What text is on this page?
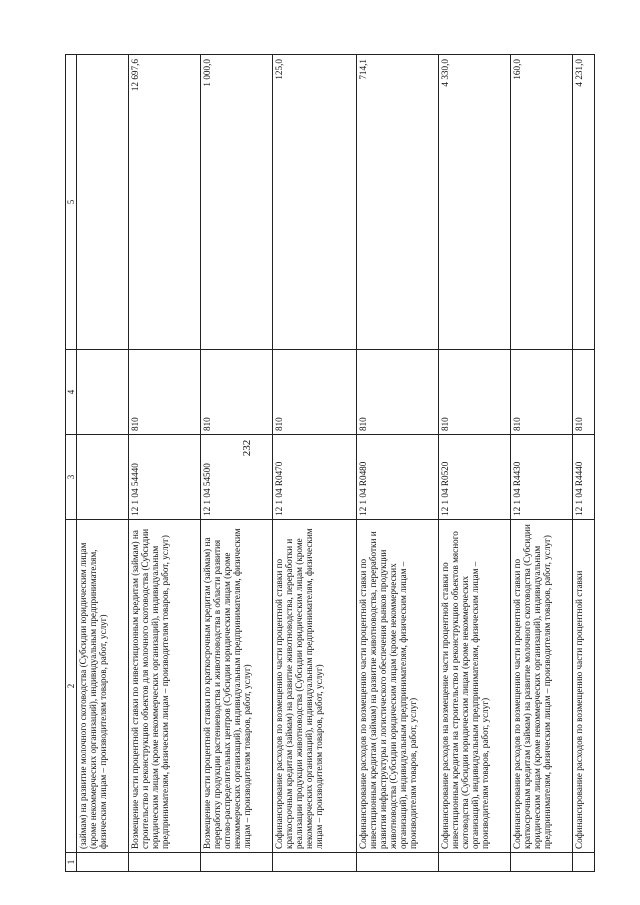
232
1	2	3	4	5
	(займам) на развитие молочного скотоводства (Субсидии юридическим лицам (кроме некоммерческих организаций), индивидуальным предпринимателям, физическим лицам – производителям товаров, работ, услуг)			
	Возмещение части процентной ставки по инвестиционным кредитам (займам) на строительство и реконструкцию объектов для молочного скотоводства (Субсидии юридическим лицам (кроме некоммерческих организаций), индивидуальным предпринимателям, физическим лицам – производителям товаров, работ, услуг)	12 1 04 54440	810	12 697,6
	Возмещение части процентной ставки по краткосрочным кредитам (займам) на переработку продукции растениеводства и животноводства в области развития оптово-распределительных центров (Субсидии юридическим лицам (кроме некоммерческих организаций), индивидуальным предпринимателям, физическим лицам – производителям товаров, работ, услуг)	12 1 04 54500	810	1 000,0
	Софинансирование расходов по возмещению части процентной ставки по краткосрочным кредитам (займам) на развитие животноводства, переработки и реализации продукции животноводства (Субсидии юридическим лицам (кроме некоммерческих организаций), индивидуальным предпринимателям, физическим лицам – производителям товаров, работ, услуг)	12 1 04 R0470	810	125,0
	Софинансирование расходов по возмещению части процентной ставки по инвестиционным кредитам (займам) на развитие животноводства, переработки и развития инфраструктуры и логистического обеспечения рынков продукции животноводства (Субсидии юридическим лицам (кроме некоммерческих организаций), индивидуальным предпринимателям, физическим лицам – производителям товаров, работ, услуг)	12 1 04 R0480	810	714,1
	Софинансирование расходов на возмещение части процентной ставки по инвестиционным кредитам на строительство и реконструкцию объектов мясного скотоводства (Субсидии юридическим лицам (кроме некоммерческих организаций), индивидуальным предпринимателям, физическим лицам – производителям товаров, работ, услуг)	12 1 04 R0520	810	4 330,0
	Софинансирование расходов по возмещению части процентной ставки по краткосрочным кредитам (займам) на развитие молочного скотоводства (Субсидии юридическим лицам (кроме некоммерческих организаций), индивидуальным предпринимателям, физическим лицам – производителям товаров, работ, услуг)	12 1 04 R4430	810	160,0
	Софинансирование расходов по возмещению части процентной ставки	12 1 04 R4440	810	4 231,0
